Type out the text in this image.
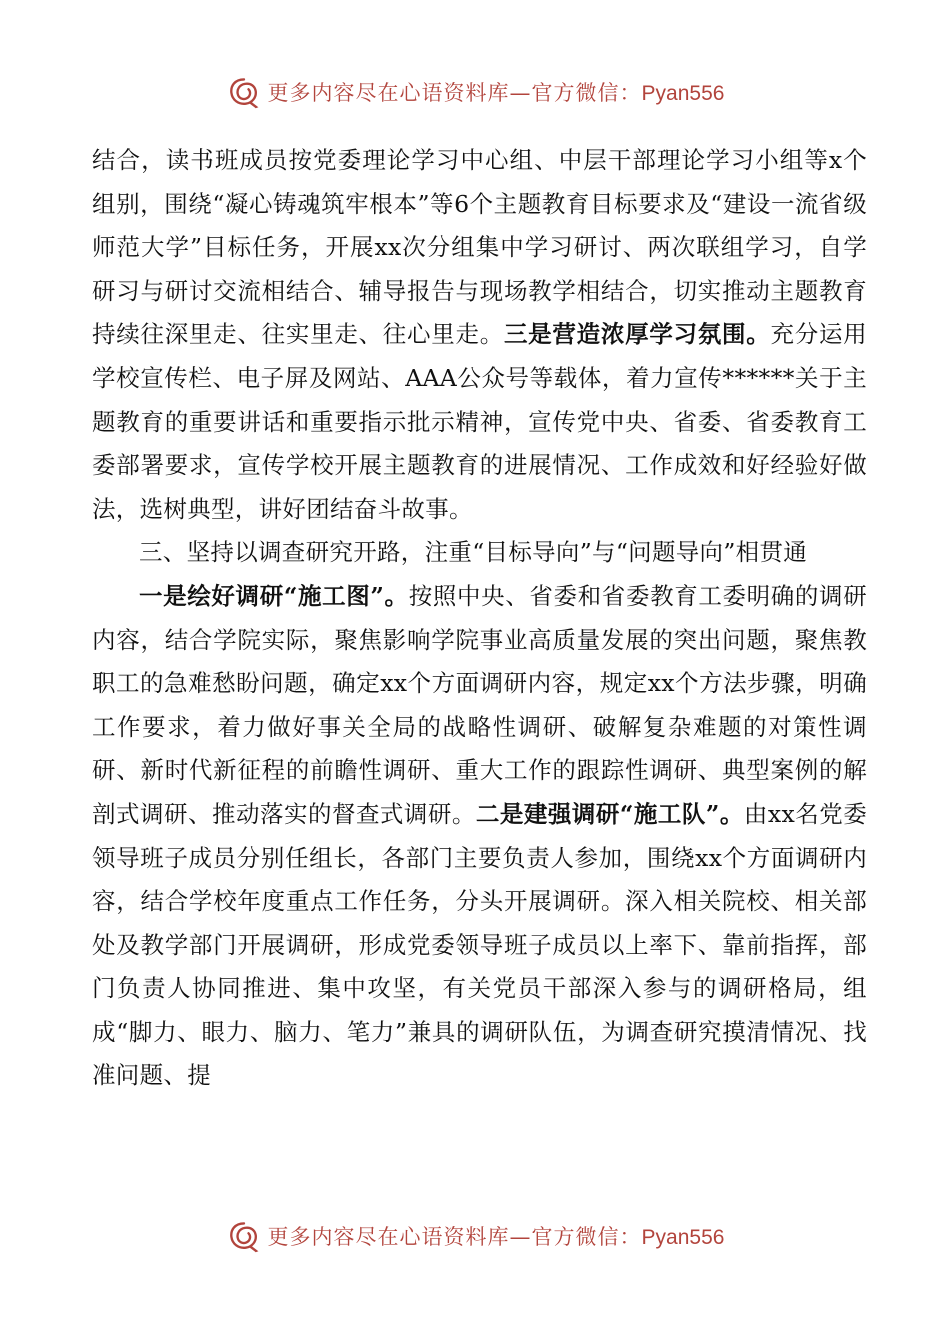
更多内容尽在心语资料库—官方微信：Pyan556

结合，读书班成员按党委理论学习中心组、中层干部理论学习小组等x个组别，围绕“凝心铸魂筑牢根本”等6个主题教育目标要求及“建设一流省级师范大学”目标任务，开展xx次分组集中学习研讨、两次联组学习，自学研习与研讨交流相结合、辅导报告与现场教学相结合，切实推动主题教育持续往深里走、往实里走、往心里走。三是营造浓厚学习氛围。充分运用学校宣传栏、电子屏及网站、AAA公众号等载体，着力宣传******关于主题教育的重要讲话和重要指示批示精神，宣传党中央、省委、省委教育工委部署要求，宣传学校开展主题教育的进展情况、工作成效和好经验好做法，选树典型，讲好团结奋斗故事。

三、坚持以调查研究开路，注重“目标导向”与“问题导向”相贯通

一是绘好调研“施工图”。按照中央、省委和省委教育工委明确的调研内容，结合学院实际，聚焦影响学院事业高质量发展的突出问题，聚焦教职工的急难愁盼问题，确定xx个方面调研内容，规定xx个方法步骤，明确工作要求，着力做好事关全局的战略性调研、破解复杂难题的对策性调研、新时代新征程的前瞻性调研、重大工作的跟踪性调研、典型案例的解剖式调研、推动落实的督查式调研。二是建强调研“施工队”。由xx名党委领导班子成员分别任组长，各部门主要负责人参加，围绕xx个方面调研内容，结合学校年度重点工作任务，分头开展调研。深入相关院校、相关部处及教学部门开展调研，形成党委领导班子成员以上率下、靠前指挥，部门负责人协同推进、集中攻坚，有关党员干部深入参与的调研格局，组成“脚力、眼力、脑力、笔力”兼具的调研队伍，为调查研究摸清情况、找准问题、提

更多内容尽在心语资料库—官方微信：Pyan556
